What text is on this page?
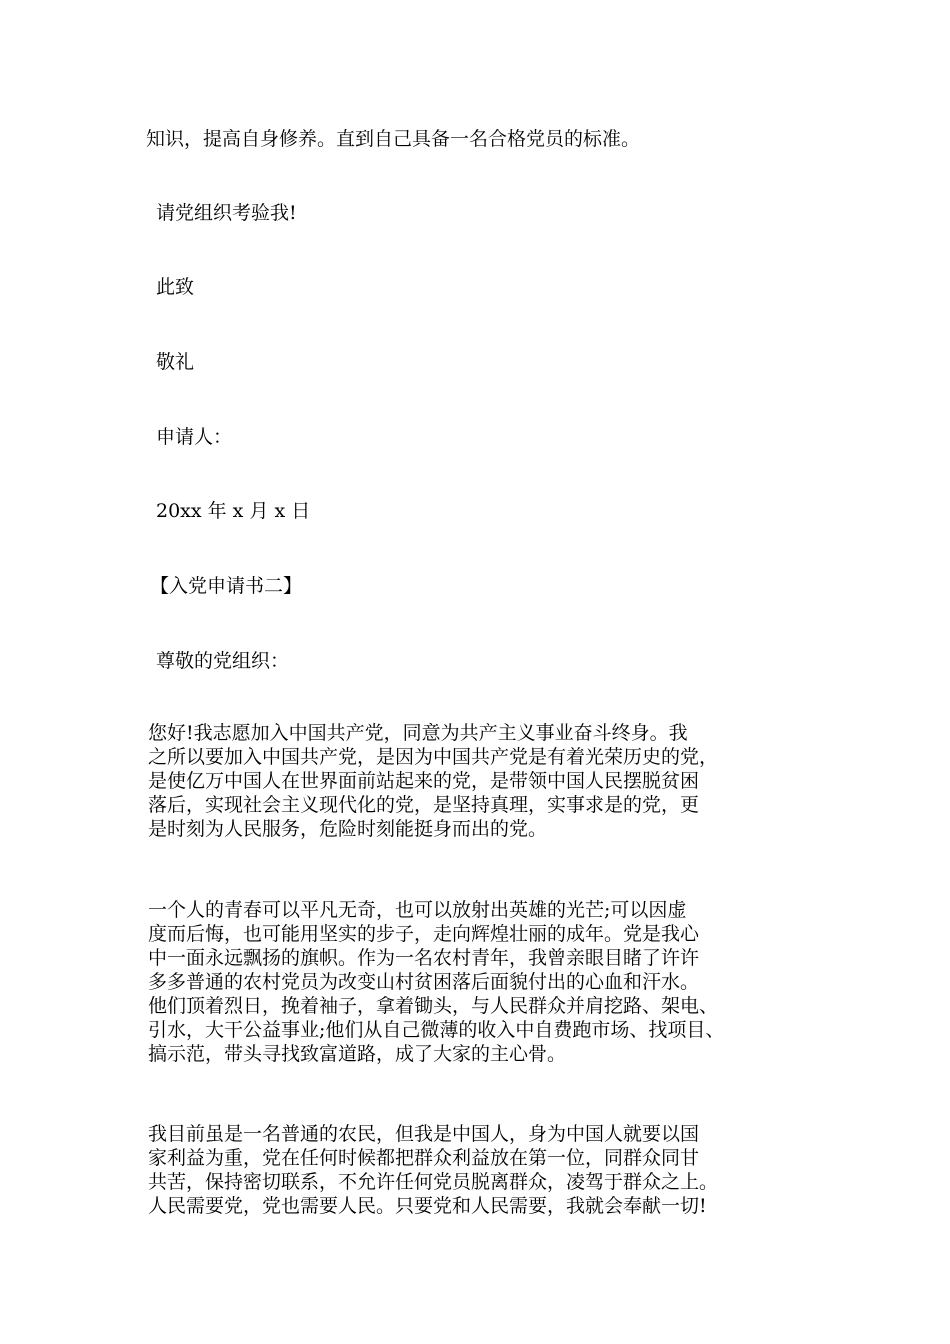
知识，提高自身修养。直到自己具备一名合格党员的标准。
请党组织考验我!
此致
敬礼
申请人：
20xx 年 x 月 x 日
【入党申请书二】
尊敬的党组织：
您好!我志愿加入中国共产党，同意为共产主义事业奋斗终身。我
之所以要加入中国共产党，是因为中国共产党是有着光荣历史的党，
是使亿万中国人在世界面前站起来的党，是带领中国人民摆脱贫困
落后，实现社会主义现代化的党，是坚持真理，实事求是的党，更
是时刻为人民服务，危险时刻能挺身而出的党。
一个人的青春可以平凡无奇，也可以放射出英雄的光芒;可以因虚
度而后悔，也可能用坚实的步子，走向辉煌壮丽的成年。党是我心
中一面永远飘扬的旗帜。作为一名农村青年，我曾亲眼目睹了许许
多多普通的农村党员为改变山村贫困落后面貌付出的心血和汗水。
他们顶着烈日，挽着袖子，拿着锄头，与人民群众并肩挖路、架电、
引水，大干公益事业;他们从自己微薄的收入中自费跑市场、找项目、
搞示范，带头寻找致富道路，成了大家的主心骨。
我目前虽是一名普通的农民，但我是中国人，身为中国人就要以国
家利益为重，党在任何时候都把群众利益放在第一位，同群众同甘
共苦，保持密切联系，不允许任何党员脱离群众，凌驾于群众之上。
人民需要党，党也需要人民。只要党和人民需要，我就会奉献一切!
